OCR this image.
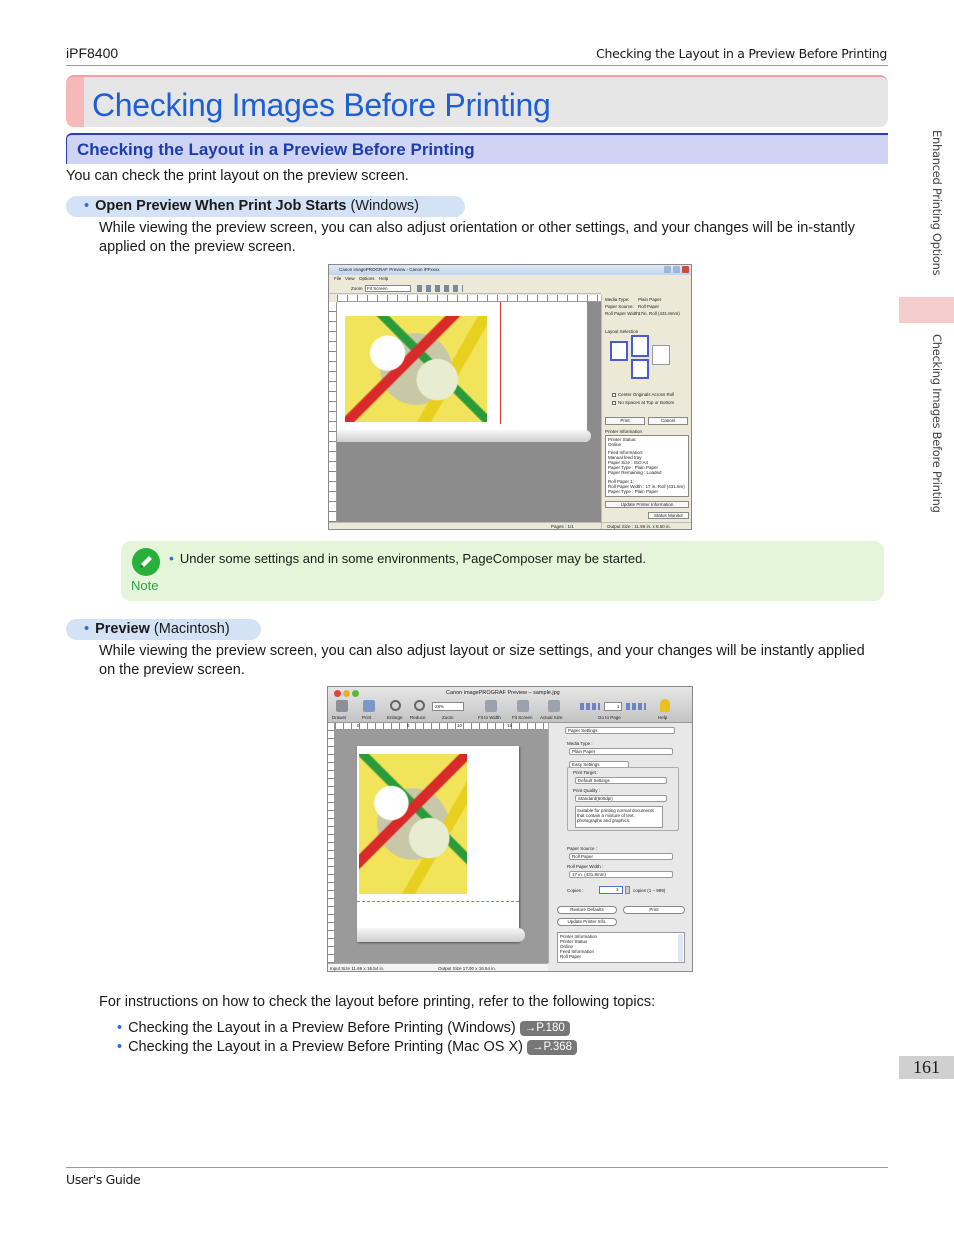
iPF8400	Checking the Layout in a Preview Before Printing
Checking Images Before Printing
Checking the Layout in a Preview Before Printing

You can check the print layout on the preview screen.

• Open Preview When Print Job Starts (Windows)

While viewing the preview screen, you can also adjust orientation or other settings, and your changes will be in-stantly applied on the preview screen.

Canon imagePROGRAF Preview - Canon iPFxxxx
File View Options Help
Zoom Fit Screen
Media Type: Plain Paper
Paper Source: Roll Paper
Roll Paper Width:
17in. Roll (431.8mm)
Layout Selection
Center Originals Across Roll
No Spaces at Top or Bottom
Print	Cancel
Printer Information
Printer Status:
Online
Feed Information:
Manual feed tray
Paper Size : ISO A4
Paper Type : Plain Paper
Paper Remaining : Loaded
Roll Paper 1:
Roll Paper Width : 17 in. Roll (431.8m)
Paper Type : Plain Paper
Update Printer Information
Status Monitor
Pages : 1/1	Output Size : 11.96 in. x 8.50 in.
Note
• Under some settings and in some environments, PageComposer may be started.
• Preview (Macintosh)

While viewing the preview screen, you can also adjust layout or size settings, and your changes will be instantly applied on the preview screen.

Canon imagePROGRAF Preview – sample.jpg
Drawer	Print	Enlarge Reduce
28%
Zoom	Fit to Width Fit Screen Actual Size
1
Go to Page	Help
0	5	10	15
Paper Settings
Media Type :
Plain Paper
Easy Settings
Print Target :
Default Settings
Print Quality :
Standard(600dpi)
Suitable for printing normal documents that contain a mixture of text, photographs and graphics.
Paper Source :
Roll Paper
Roll Paper Width :
17 in. (431.8mm)
Copies :	1	copies (1 – 999)
Restore Defaults	Print
Update Printer Info.
Printer Information
Printer Status
Online
Feed Information
Roll Paper
Input Size 11.69 x 16.54 in.	Output Size 17.00 x 16.54 in.

For instructions on how to check the layout before printing, refer to the following topics:

• Checking the Layout in a Preview Before Printing (Windows) →P.180
• Checking the Layout in a Preview Before Printing (Mac OS X) →P.368
Enhanced Printing Options
Checking Images Before Printing
161
User's Guide
